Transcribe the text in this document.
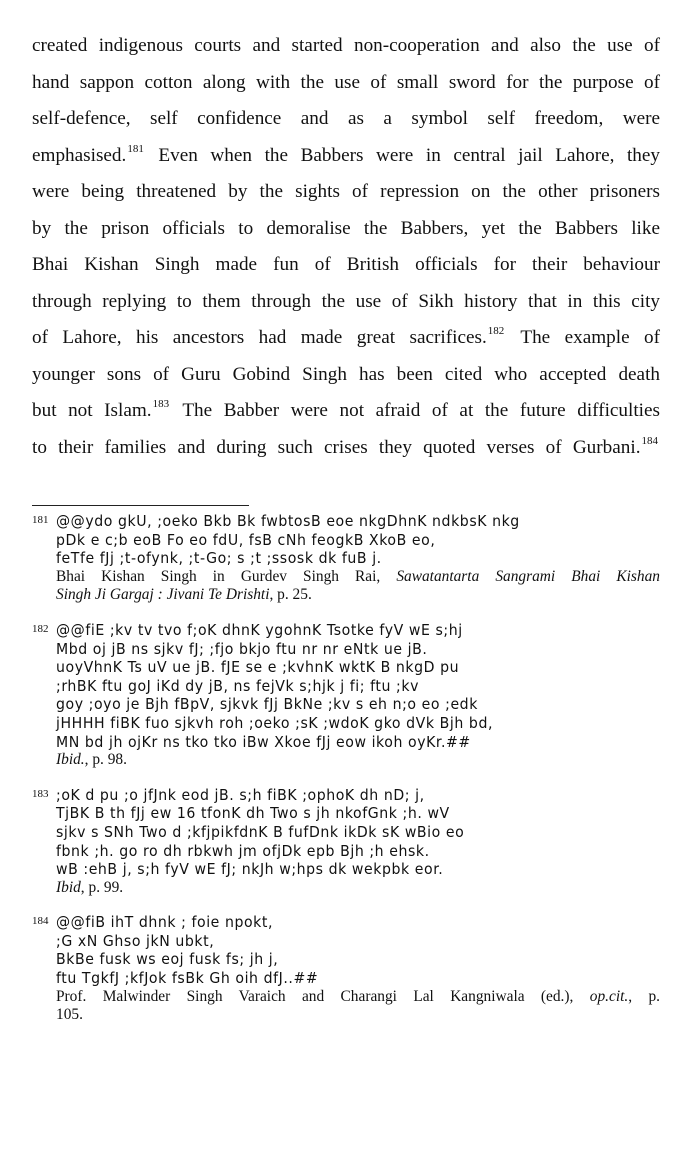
created indigenous courts and started non-cooperation and also the use of
hand sappon cotton along with the use of small sword for the purpose of
self-defence, self confidence and as a symbol self freedom, were
emphasised.$^{181}$ Even when the Babbers were in central jail Lahore, they
were being threatened by the sights of repression on the other prisoners
by the prison officials to demoralise the Babbers, yet the Babbers like
Bhai Kishan Singh made fun of British officials for their behaviour
through replying to them through the use of Sikh history that in this city
of Lahore, his ancestors had made great sacrifices.$^{182}$ The example of
younger sons of Guru Gobind Singh has been cited who accepted death
but not Islam.$^{183}$ The Babber were not afraid of at the future difficulties
to their families and during such crises they quoted verses of Gurbani.$^{184}$
181 @@ydo gkU, ;oeko Bkb Bk fwbtosB eoe nkgDhnK ndkbsK nkg
pDk e c;b eoB Fo eo fdU, fsB cNh feogkB XkoB eo,
feTfe fJj ;t-ofynk, ;t-Go; s ;t ;ssosk dk fuB j.
Bhai Kishan Singh in Gurdev Singh Rai, Sawatantarta Sangrami Bhai Kishan
Singh Ji Gargaj : Jivani Te Drishti, p. 25.
182 @@fiE ;kv tv tvo f;oK dhnK ygohnK Tsotke fyV wE s;hj
Mbd oj jB ns sjkv fJ; ;fjo bkjo ftu nr nr eNtk ue jB.
uoyVhnK Ts uV ue jB. fJE se e ;kvhnK wktK B nkgD pu
;rhBK ftu goJ iKd dy jB, ns fejVk s;hjk j fi; ftu ;kv
goy ;oyo je Bjh fBpV, sjkvk fJj BkNe ;kv s eh n;o eo ;edk
jHHHH fiBK fuo sjkvh roh ;oeko ;sK ;wdoK gko dVk Bjh bd,
MN bd jh ojKr ns tko tko iBw Xkoe fJj eow ikoh oyKr.##
Ibid., p. 98.
183 ;oK d pu ;o jfJnk eod jB. s;h fiBK ;ophoK dh nD; j,
TjBK B th fJj ew 16 tfonK dh Two s jh nkofGnk ;h. wV
sjkv s SNh Two d ;kfjpikfdnK B fufDnk ikDk sK wBio eo
fbnk ;h. go ro dh rbkwh jm ofjDk epb Bjh ;h ehsk.
wB :ehB j, s;h fyV wE fJ; nkJh w;hps dk wekpbk eor.
Ibid, p. 99.
184 @@fiB ihT dhnk ; foie npokt,
;G xN Ghso jkN ubkt,
BkBe fusk ws eoj fusk fs; jh j,
ftu TgkfJ ;kfJok fsBk Gh oih dfJ..##
Prof. Malwinder Singh Varaich and Charangi Lal Kangniwala (ed.), op.cit., p.
105.
